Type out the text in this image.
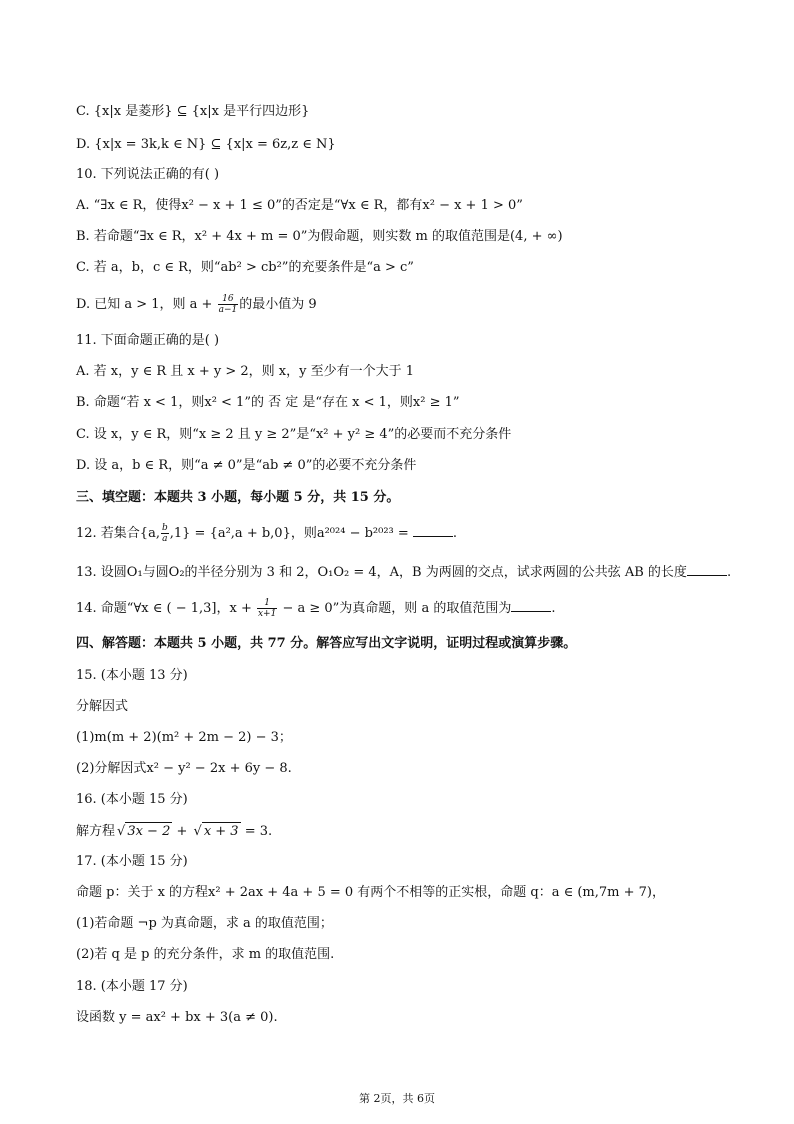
C. {x|x 是菱形} ⊆ {x|x 是平行四边形}
D. {x|x = 3k,k ∈ N} ⊆ {x|x = 6z,z ∈ N}
10. 下列说法正确的有( )
A. “∃x ∈ R，使得x² − x + 1 ≤ 0”的否定是“∀x ∈ R，都有x² − x + 1 > 0”
B. 若命题“∃x ∈ R，x² + 4x + m = 0”为假命题，则实数 m 的取值范围是(4, + ∞)
C. 若 a，b，c ∈ R，则“ab² > cb²”的充要条件是“a > c”
D. 已知 a > 1，则 $a + \frac{16}{a-1}$ 的最小值为 9
11. 下面命题正确的是( )
A. 若 x，y ∈ R 且 x + y > 2，则 x，y 至少有一个大于 1
B. 命题“若 x < 1，则x² < 1”的 否 定 是“存在 x < 1，则x² ≥ 1”
C. 设 x，y ∈ R，则“x ≥ 2 且 y ≥ 2”是“x² + y² ≥ 4”的必要而不充分条件
D. 设 a，b ∈ R，则“a ≠ 0”是“ab ≠ 0”的必要不充分条件
三、填空题：本题共 3 小题，每小题 5 分，共 15 分。
12. 若集合{a, $\frac{b}{a} ,1\} = \{a^2,a + b,0\}$，则a²⁰²⁴ − b²⁰²³ =	.
13. 设圆O₁与圆O₂的半径分别为 3 和 2，O₁O₂ = 4，A，B 为两圆的交点，试求两圆的公共弦 AB 的长度	.
14. 命题“∀x ∈ ( − 1,3]，$x + \frac{1}{x+1} - a \ge 0$”为真命题，则 a 的取值范围为	.
四、解答题：本题共 5 小题，共 77 分。解答应写出文字说明，证明过程或演算步骤。
15. (本小题 13 分)
分解因式
(1)m(m + 2)(m² + 2m − 2) − 3；
(2)分解因式x² − y² − 2x + 6y − 8.
16. (本小题 15 分)
解方程 √ 3x − 2 + √ x + 3 = 3.
17. (本小题 15 分)
命题 p：关于 x 的方程x² + 2ax + 4a + 5 = 0 有两个不相等的正实根，命题 q：a ∈ (m,7m + 7)，
(1)若命题 ¬p 为真命题，求 a 的取值范围；
(2)若 q 是 p 的充分条件，求 m 的取值范围.
18. (本小题 17 分)
设函数 y = ax² + bx + 3(a ≠ 0).
第 2页，共 6页
